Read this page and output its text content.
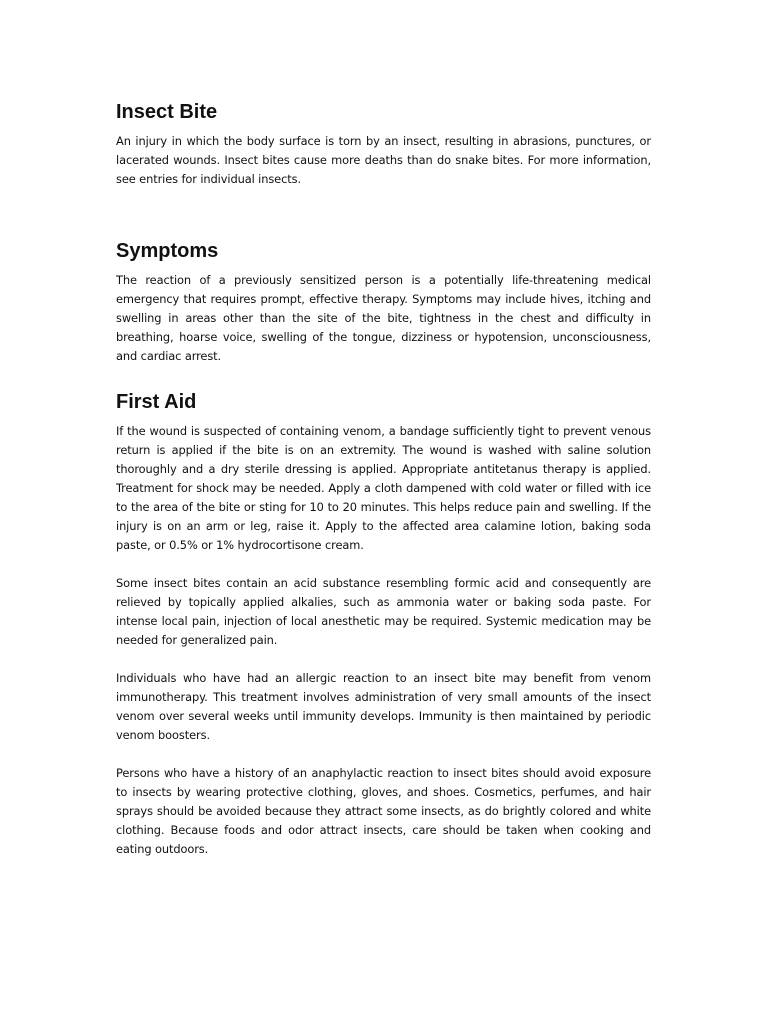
Insect Bite

An injury in which the body surface is torn by an insect, resulting in abrasions, punctures, or lacerated wounds. Insect bites cause more deaths than do snake bites. For more information, see entries for individual insects.

Symptoms

The reaction of a previously sensitized person is a potentially life-threatening medical emergency that requires prompt, effective therapy. Symptoms may include hives, itching and swelling in areas other than the site of the bite, tightness in the chest and difficulty in breathing, hoarse voice, swelling of the tongue, dizziness or hypotension, unconsciousness, and cardiac arrest.

First Aid

If the wound is suspected of containing venom, a bandage sufficiently tight to prevent venous return is applied if the bite is on an extremity. The wound is washed with saline solution thoroughly and a dry sterile dressing is applied. Appropriate antitetanus therapy is applied. Treatment for shock may be needed. Apply a cloth dampened with cold water or filled with ice to the area of the bite or sting for 10 to 20 minutes. This helps reduce pain and swelling. If the injury is on an arm or leg, raise it. Apply to the affected area calamine lotion, baking soda paste, or 0.5% or 1% hydrocortisone cream.

Some insect bites contain an acid substance resembling formic acid and consequently are relieved by topically applied alkalies, such as ammonia water or baking soda paste. For intense local pain, injection of local anesthetic may be required. Systemic medication may be needed for generalized pain.

Individuals who have had an allergic reaction to an insect bite may benefit from venom immunotherapy. This treatment involves administration of very small amounts of the insect venom over several weeks until immunity develops. Immunity is then maintained by periodic venom boosters.

Persons who have a history of an anaphylactic reaction to insect bites should avoid exposure to insects by wearing protective clothing, gloves, and shoes. Cosmetics, perfumes, and hair sprays should be avoided because they attract some insects, as do brightly colored and white clothing. Because foods and odor attract insects, care should be taken when cooking and eating outdoors.
